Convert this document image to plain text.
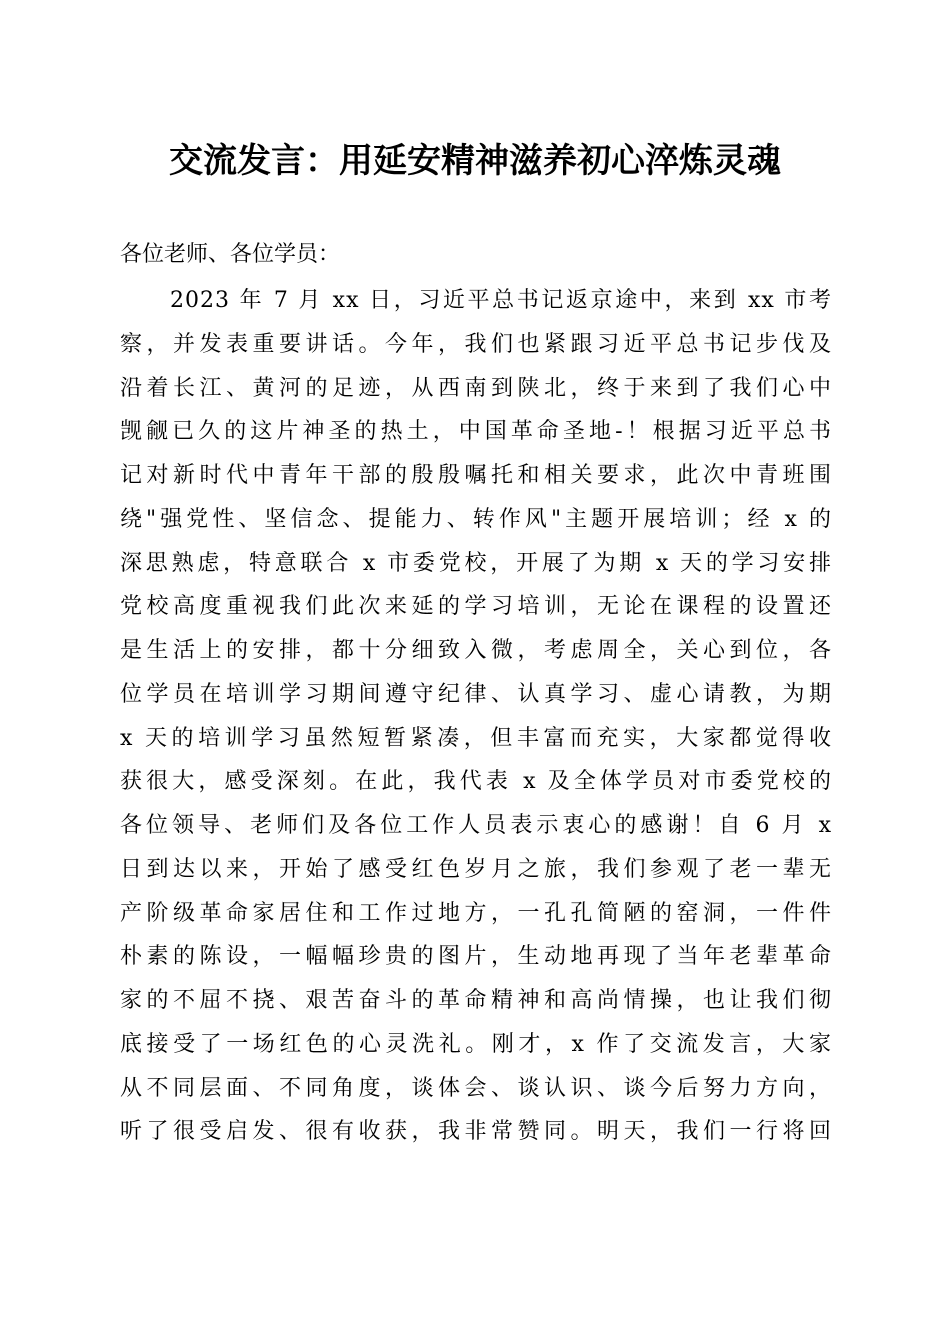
交流发言：用延安精神滋养初心淬炼灵魂
各位老师、各位学员：
2023 年 7 月 xx 日，习近平总书记返京途中，来到 xx 市考
察，并发表重要讲话。今年，我们也紧跟习近平总书记步伐及
沿着长江、黄河的足迹，从西南到陕北，终于来到了我们心中
觊觎已久的这片神圣的热土，中国革命圣地-！根据习近平总书
记对新时代中青年干部的殷殷嘱托和相关要求，此次中青班围
绕"强党性、坚信念、提能力、转作风"主题开展培训；经 x 的
深思熟虑，特意联合 x 市委党校，开展了为期 x 天的学习安排
党校高度重视我们此次来延的学习培训，无论在课程的设置还
是生活上的安排，都十分细致入微，考虑周全，关心到位，各
位学员在培训学习期间遵守纪律、认真学习、虚心请教，为期
x 天的培训学习虽然短暂紧凑，但丰富而充实，大家都觉得收
获很大，感受深刻。在此，我代表 x 及全体学员对市委党校的
各位领导、老师们及各位工作人员表示衷心的感谢！自 6 月 x
日到达以来，开始了感受红色岁月之旅，我们参观了老一辈无
产阶级革命家居住和工作过地方，一孔孔简陋的窑洞，一件件
朴素的陈设，一幅幅珍贵的图片，生动地再现了当年老辈革命
家的不屈不挠、艰苦奋斗的革命精神和高尚情操，也让我们彻
底接受了一场红色的心灵洗礼。刚才，x 作了交流发言，大家
从不同层面、不同角度，谈体会、谈认识、谈今后努力方向，
听了很受启发、很有收获，我非常赞同。明天，我们一行将回
